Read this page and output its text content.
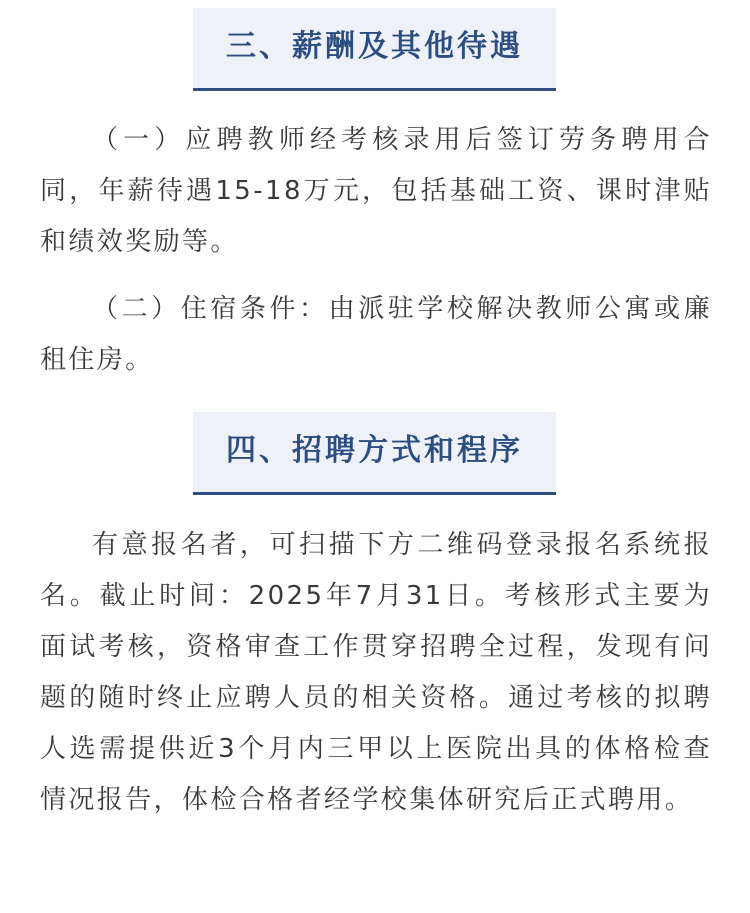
三、薪酬及其他待遇

（一）应聘教师经考核录用后签订劳务聘用合同，年薪待遇15-18万元，包括基础工资、课时津贴和绩效奖励等。

（二）住宿条件：由派驻学校解决教师公寓或廉租住房。

四、招聘方式和程序

有意报名者，可扫描下方二维码登录报名系统报名。截止时间：2025年7月31日。考核形式主要为面试考核，资格审查工作贯穿招聘全过程，发现有问题的随时终止应聘人员的相关资格。通过考核的拟聘人选需提供近3个月内三甲以上医院出具的体格检查情况报告，体检合格者经学校集体研究后正式聘用。
